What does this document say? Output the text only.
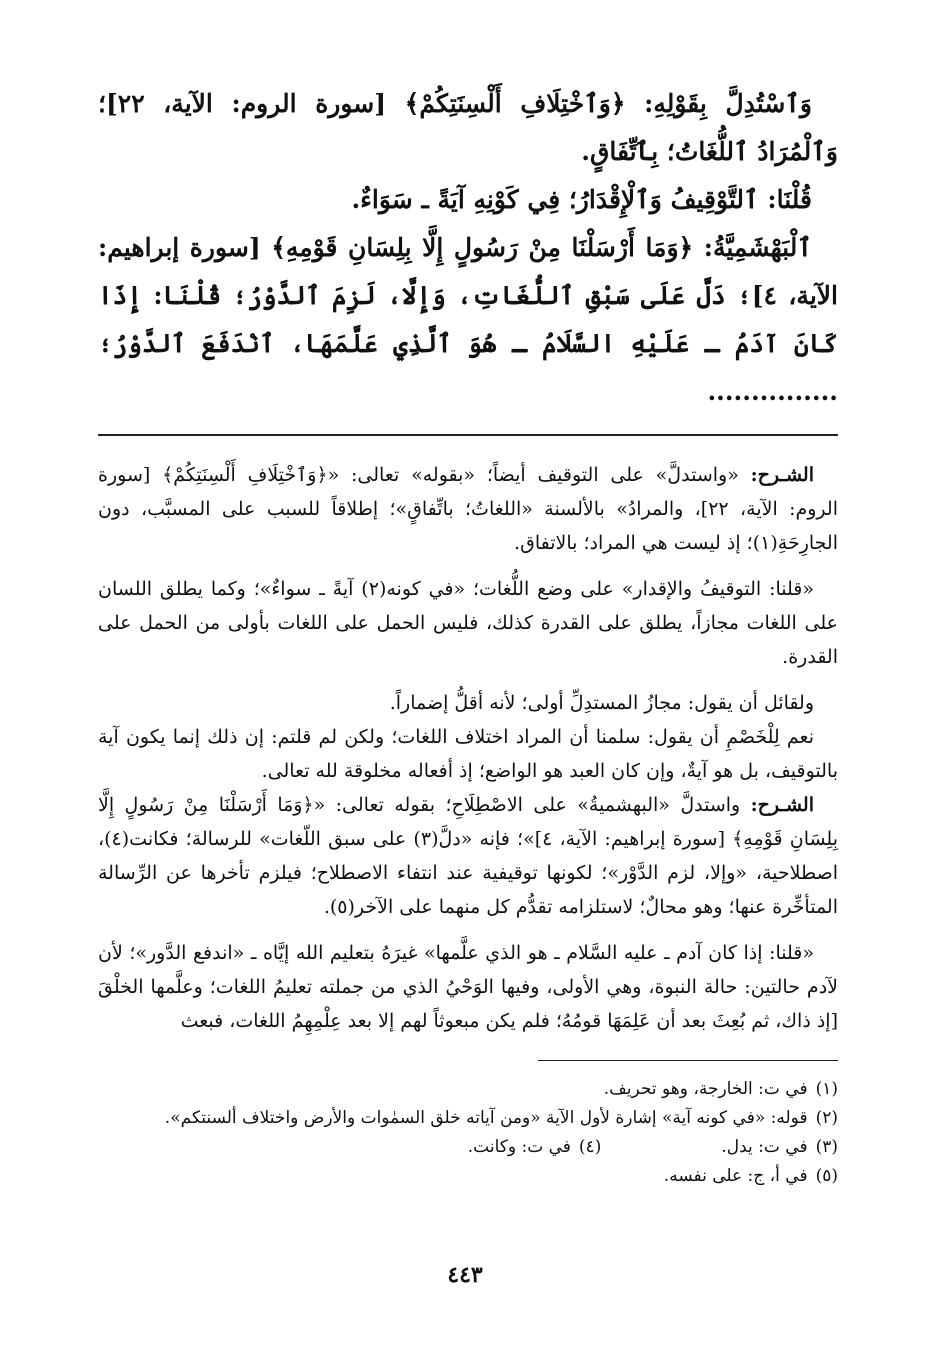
وَٱسْتُدِلَّ بِقَوْلِهِ: ﴿وَٱخْتِلَافِ أَلْسِنَتِكُمْ﴾ [سورة الروم: الآية، ٢٢]؛ وَٱلْمُرَادُ ٱللُّغَاتُ؛ بِٱتِّفَاقٍ.

قُلْنَا: ٱلتَّوْقِيفُ وَٱلْإِقْدَارُ؛ فِي كَوْنِهِ آيَةً ـ سَوَاءٌ.

ٱلْبَهْشَمِيَّةُ: ﴿وَمَا أَرْسَلْنَا مِنْ رَسُولٍ إِلَّا بِلِسَانِ قَوْمِهِ﴾ [سورة إبراهيم: الآية، ٤]؛ دَلَّ عَلَى سَبْقِ ٱللُّغَاتِ، وَإِلَّا، لَزِمَ ٱلدَّوْرُ؛ قُلْنَا: إِذَا كَانَ آدَمُ ـ عَلَيْهِ السَّلَامُ ـ هُوَ ٱلَّذِي عَلَّمَهَا، ٱنْدَفَعَ ٱلدَّوْرُ؛ ...............

الشـرح: «واستدلَّ» على التوقيف أيضاً؛ «بقوله» تعالى: «﴿وَٱخْتِلَافِ أَلْسِنَتِكُمْ﴾ [سورة الروم: الآية، ٢٢]، والمرادُ» بالألسنة «اللغاتُ؛ باتِّفاقٍ»؛ إطلاقاً للسبب على المسبَّب، دون الجارِحَةِ(١)؛ إذ ليست هي المراد؛ بالاتفاق.

«قلنا: التوقيفُ والإقدار» على وضع اللُّغات؛ «في كونه(٢) آيةً ـ سواءٌ»؛ وكما يطلق اللسان على اللغات مجازاً، يطلق على القدرة كذلك، فليس الحمل على اللغات بأولى من الحمل على القدرة.

ولقائل أن يقول: مجازُ المستدِلِّ أولى؛ لأنه أقلُّ إضماراً.

نعم لِلْخَصْمِ أن يقول: سلمنا أن المراد اختلاف اللغات؛ ولكن لم قلتم: إن ذلك إنما يكون آية بالتوقيف، بل هو آيةٌ، وإن كان العبد هو الواضع؛ إذ أفعاله مخلوقة لله تعالى.

الشـرح: واستدلَّ «البهشميةُ» على الاصْطِلَاحِ؛ بقوله تعالى: «﴿وَمَا أَرْسَلْنَا مِنْ رَسُولٍ إِلَّا بِلِسَانِ قَوْمِهِ﴾ [سورة إبراهيم: الآية، ٤]»؛ فإنه «دلَّ(٣) على سبق اللّغات» للرسالة؛ فكانت(٤)، اصطلاحية، «وإلا، لزم الدَّوْر»؛ لكونها توقيفية عند انتفاء الاصطلاح؛ فيلزم تأخرها عن الرِّسالة المتأخِّرة عنها؛ وهو محالٌ؛ لاستلزامه تقدُّم كل منهما على الآخر(٥).

«قلنا: إذا كان آدم ـ عليه السَّلام ـ هو الذي علَّمها» غيرَهُ بتعليم الله إيَّاه ـ «اندفع الدَّور»؛ لأن لآدم حالتين: حالة النبوة، وهي الأولى، وفيها الوَحْيُ الذي من جملته تعليمُ اللغات؛ وعلَّمها الخلْقَ [إذ ذاك، ثم بُعِثَ بعد أن عَلِمَهَا قومُهُ؛ فلم يكن مبعوثاً لهم إلا بعد عِلْمِهِمُ اللغات، فبعث

(١)
في ت: الخارجة، وهو تحريف.
(٢)
قوله: «في كونه آية» إشارة لأول الآية «ومن آياته خلق السمٰوات والأرض واختلاف ألسنتكم».
(٣)
في ت: يدل.
(٤)
في ت: وكانت.
(٥)
في أ، ج: على نفسه.
٤٤٣
